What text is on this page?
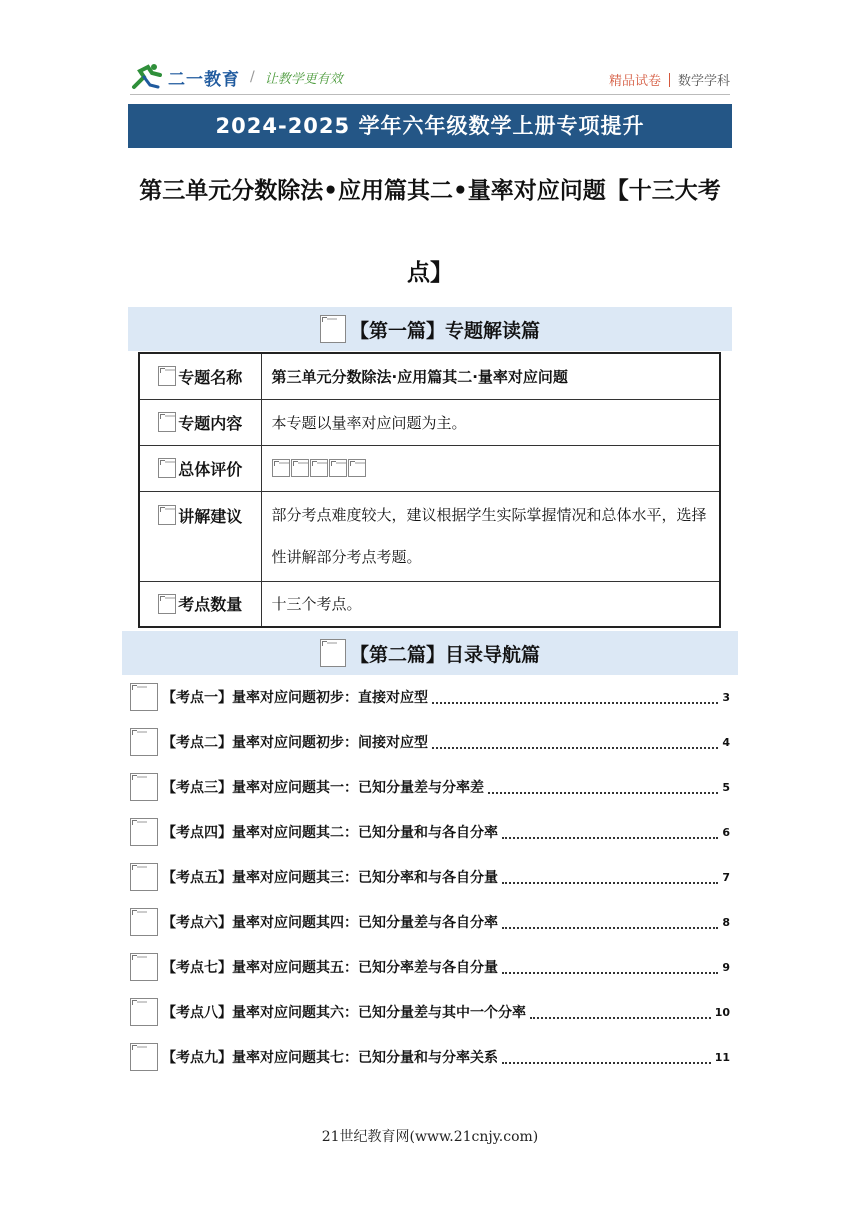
二一教育 / 让教学更有效	精品试卷 数学学科
2024-2025 学年六年级数学上册专项提升
第三单元分数除法•应用篇其二•量率对应问题【十三大考
点】
【第一篇】专题解读篇
专题名称	第三单元分数除法·应用篇其二·量率对应问题
专题内容	本专题以量率对应问题为主。
总体评价	

讲解建议	部分考点难度较大，建议根据学生实际掌握情况和总体水平，选择性讲解部分考点考题。
考点数量	十三个考点。
【第二篇】目录导航篇
【考点一】量率对应问题初步：直接对应型	3
【考点二】量率对应问题初步：间接对应型	4
【考点三】量率对应问题其一：已知分量差与分率差	5
【考点四】量率对应问题其二：已知分量和与各自分率	6
【考点五】量率对应问题其三：已知分率和与各自分量	7
【考点六】量率对应问题其四：已知分量差与各自分率	8
【考点七】量率对应问题其五：已知分率差与各自分量	9
【考点八】量率对应问题其六：已知分量差与其中一个分率	10
【考点九】量率对应问题其七：已知分量和与分率关系	11
21世纪教育网(www.21cnjy.com)
